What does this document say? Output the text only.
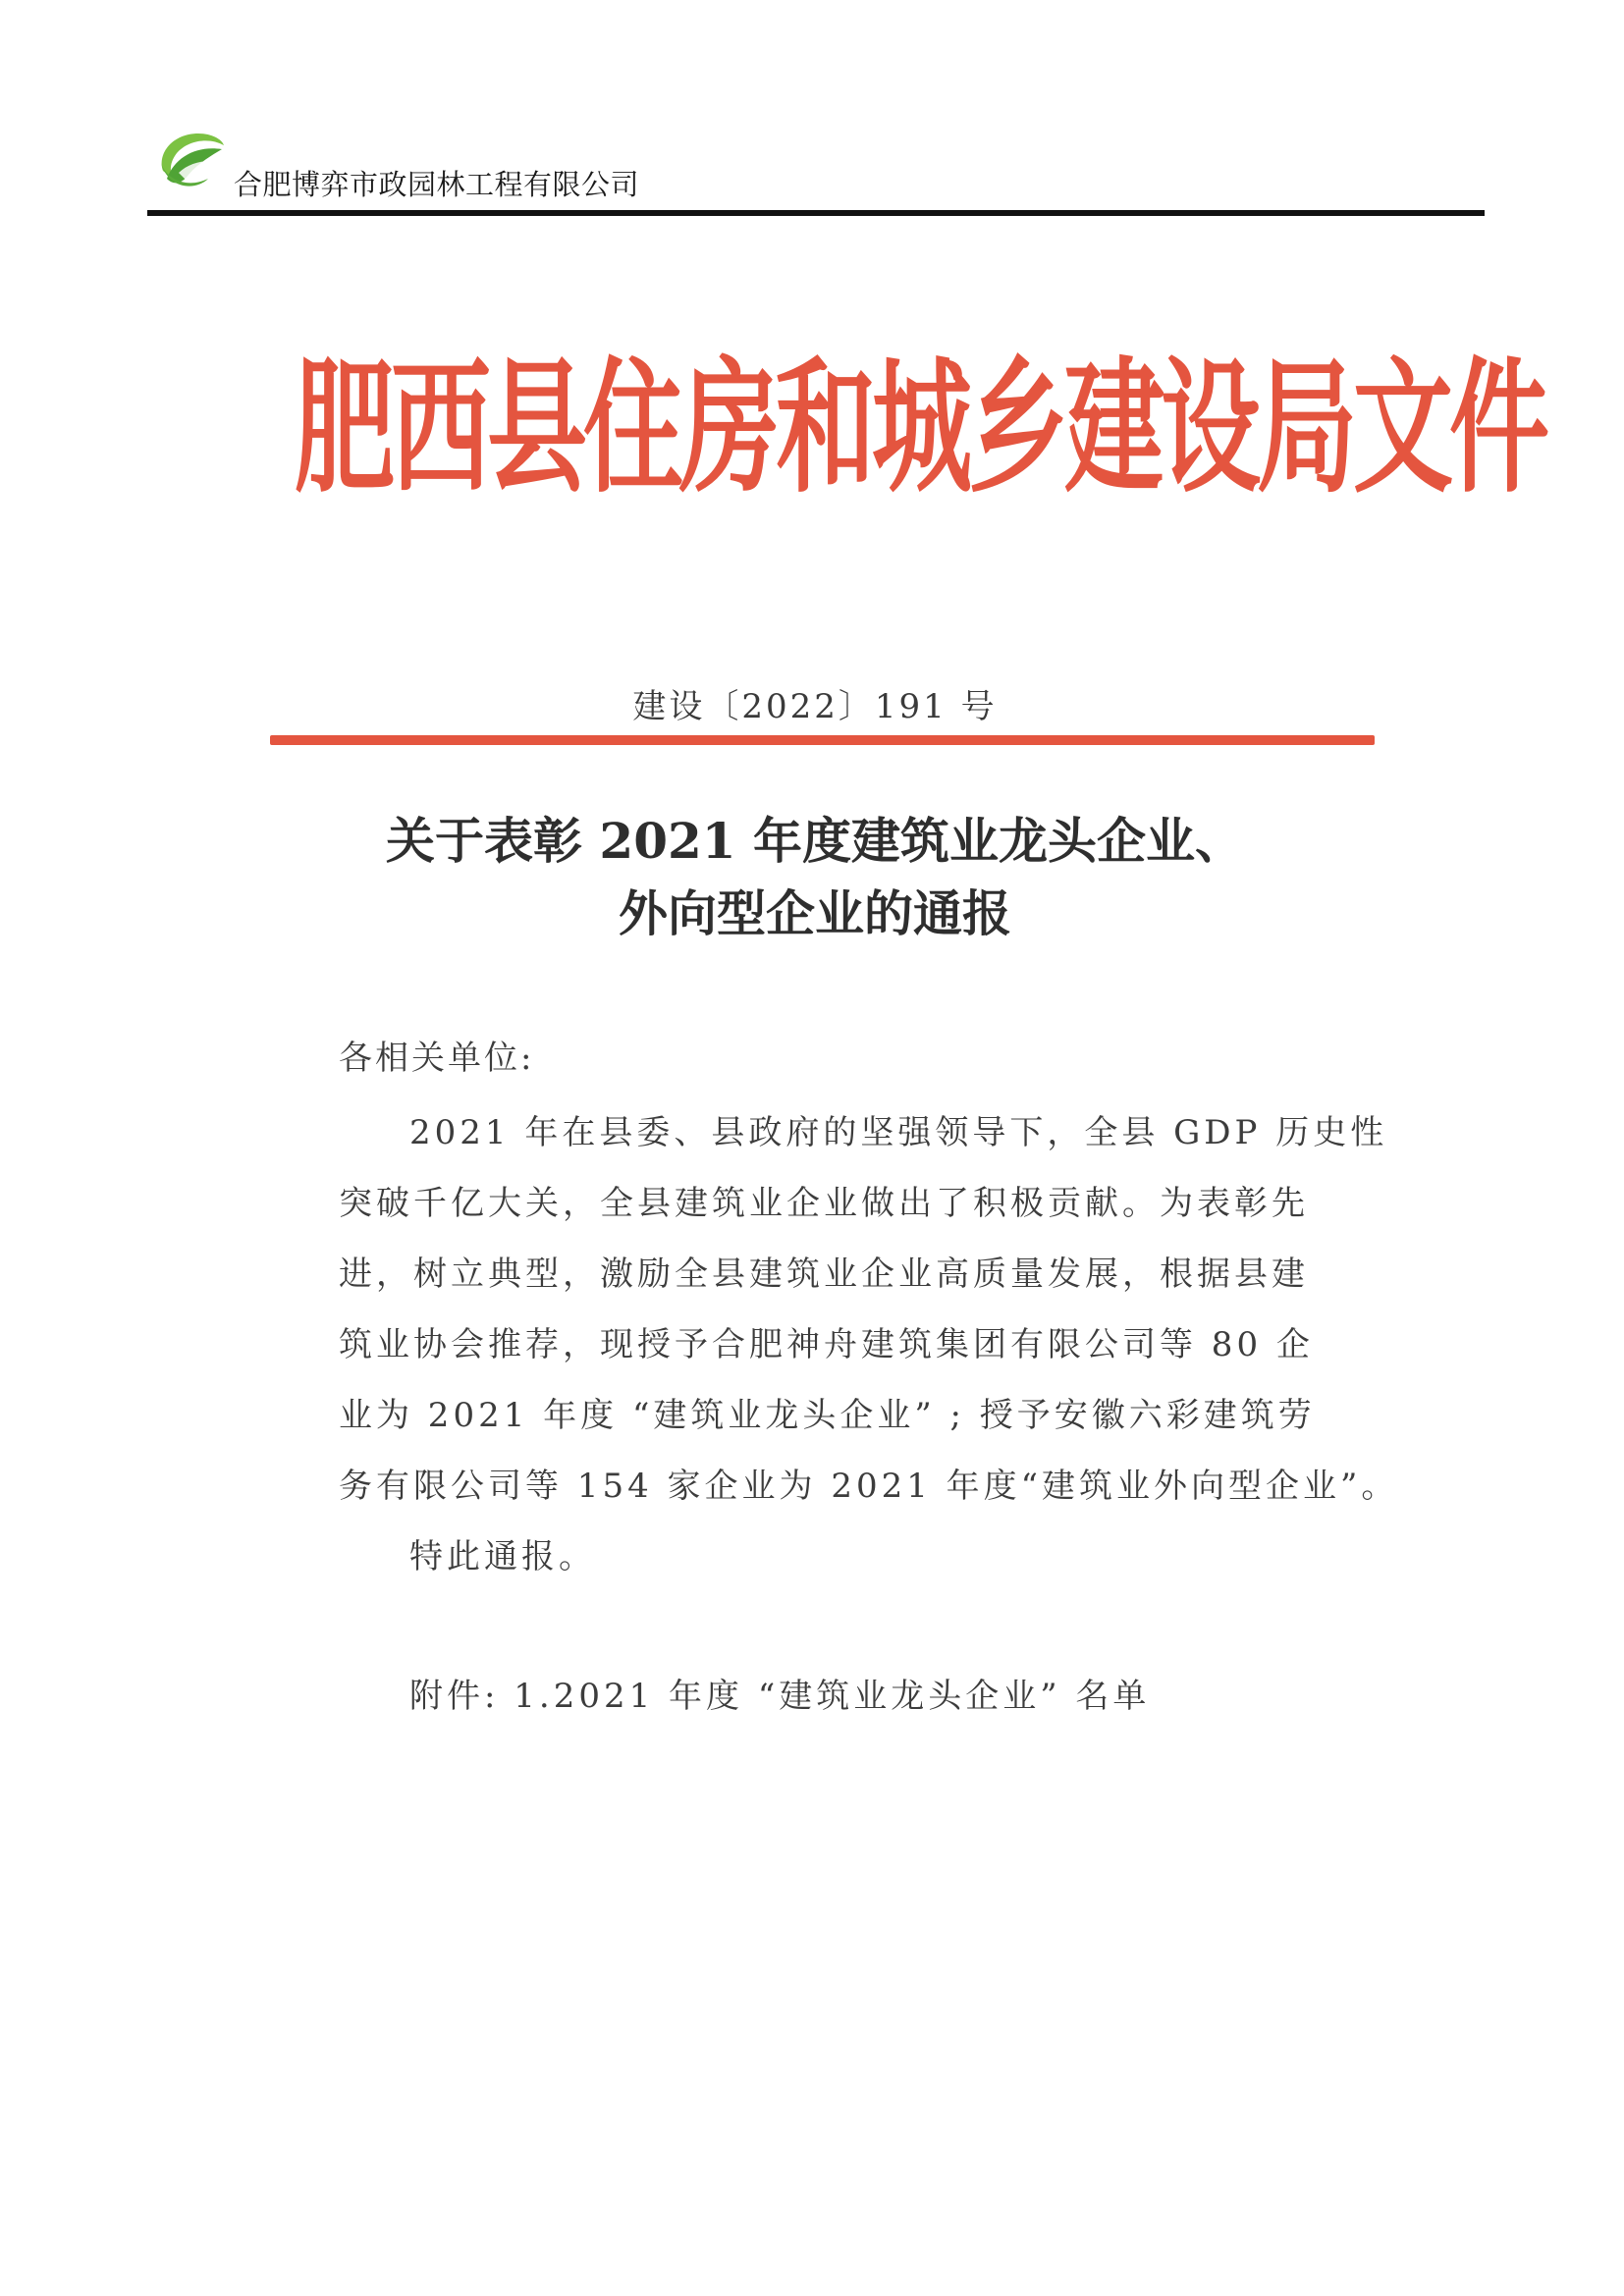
合肥博弈市政园林工程有限公司
肥西县住房和城乡建设局文件
建设〔2022〕191 号
关于表彰 2021 年度建筑业龙头企业、
外向型企业的通报
各相关单位:
2021 年在县委、县政府的坚强领导下，全县 GDP 历史性
突破千亿大关，全县建筑业企业做出了积极贡献。为表彰先
进，树立典型，激励全县建筑业企业高质量发展，根据县建
筑业协会推荐，现授予合肥神舟建筑集团有限公司等 80 企
业为 2021 年度 “建筑业龙头企业” ; 授予安徽六彩建筑劳
务有限公司等 154 家企业为 2021 年度“建筑业外向型企业”。
特此通报。
附件: 1.2021 年度 “建筑业龙头企业” 名单
